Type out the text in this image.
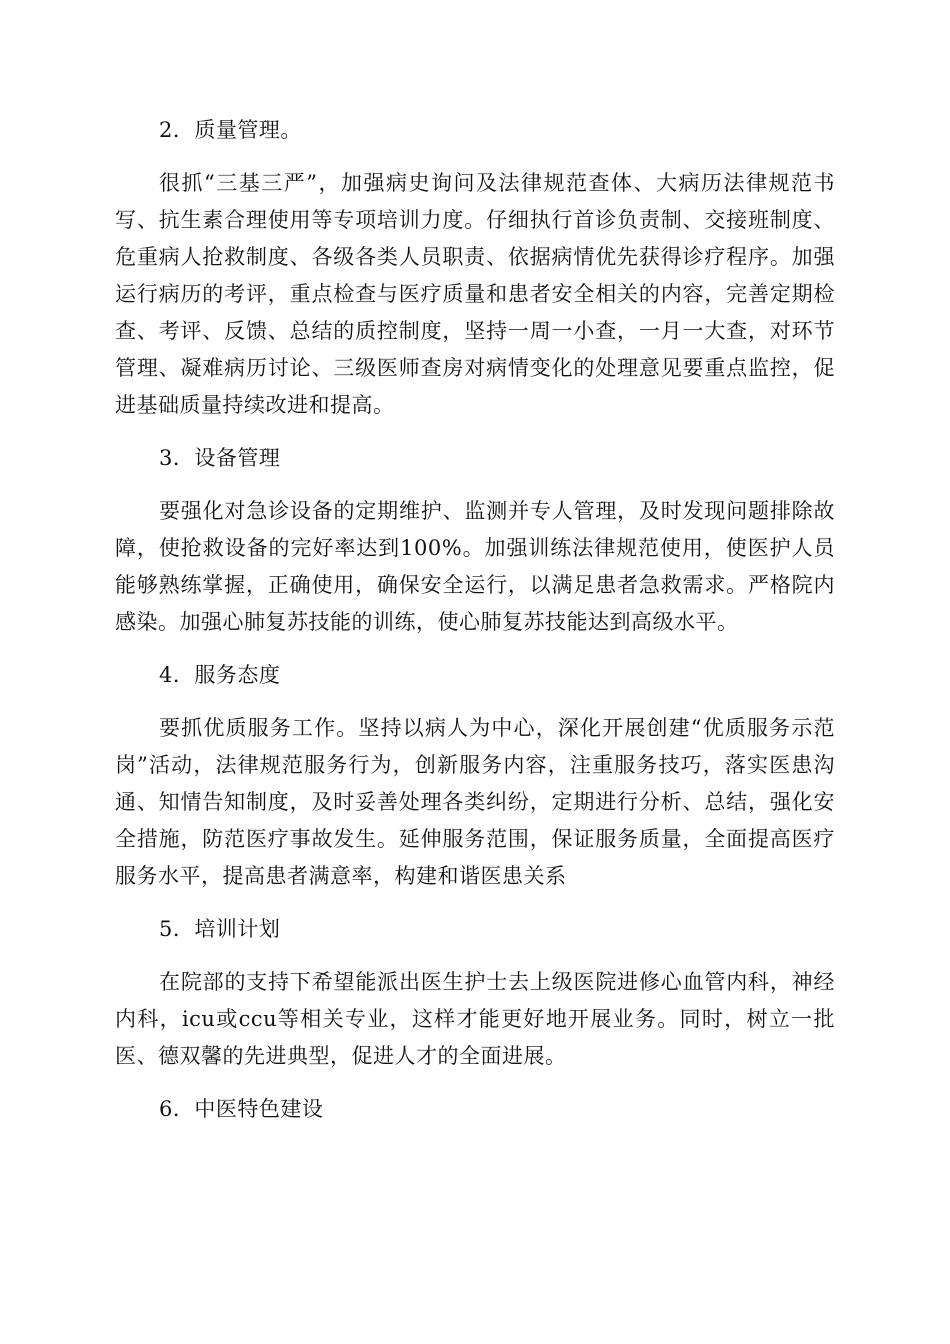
2．质量管理。

很抓“三基三严”，加强病史询问及法律规范查体、大病历法律规范书写、抗生素合理使用等专项培训力度。仔细执行首诊负责制、交接班制度、危重病人抢救制度、各级各类人员职责、依据病情优先获得诊疗程序。加强运行病历的考评，重点检查与医疗质量和患者安全相关的内容，完善定期检查、考评、反馈、总结的质控制度，坚持一周一小查，一月一大查，对环节管理、凝难病历讨论、三级医师查房对病情变化的处理意见要重点监控，促进基础质量持续改进和提高。

3．设备管理

要强化对急诊设备的定期维护、监测并专人管理，及时发现问题排除故障，使抢救设备的完好率达到100%。加强训练法律规范使用，使医护人员能够熟练掌握，正确使用，确保安全运行，以满足患者急救需求。严格院内感染。加强心肺复苏技能的训练，使心肺复苏技能达到高级水平。

4．服务态度

要抓优质服务工作。坚持以病人为中心，深化开展创建“优质服务示范岗”活动，法律规范服务行为，创新服务内容，注重服务技巧，落实医患沟通、知情告知制度，及时妥善处理各类纠纷，定期进行分析、总结，强化安全措施，防范医疗事故发生。延伸服务范围，保证服务质量，全面提高医疗服务水平，提高患者满意率，构建和谐医患关系

5．培训计划

在院部的支持下希望能派出医生护士去上级医院进修心血管内科，神经内科，icu或ccu等相关专业，这样才能更好地开展业务。同时，树立一批医、德双馨的先进典型，促进人才的全面进展。

6．中医特色建设
